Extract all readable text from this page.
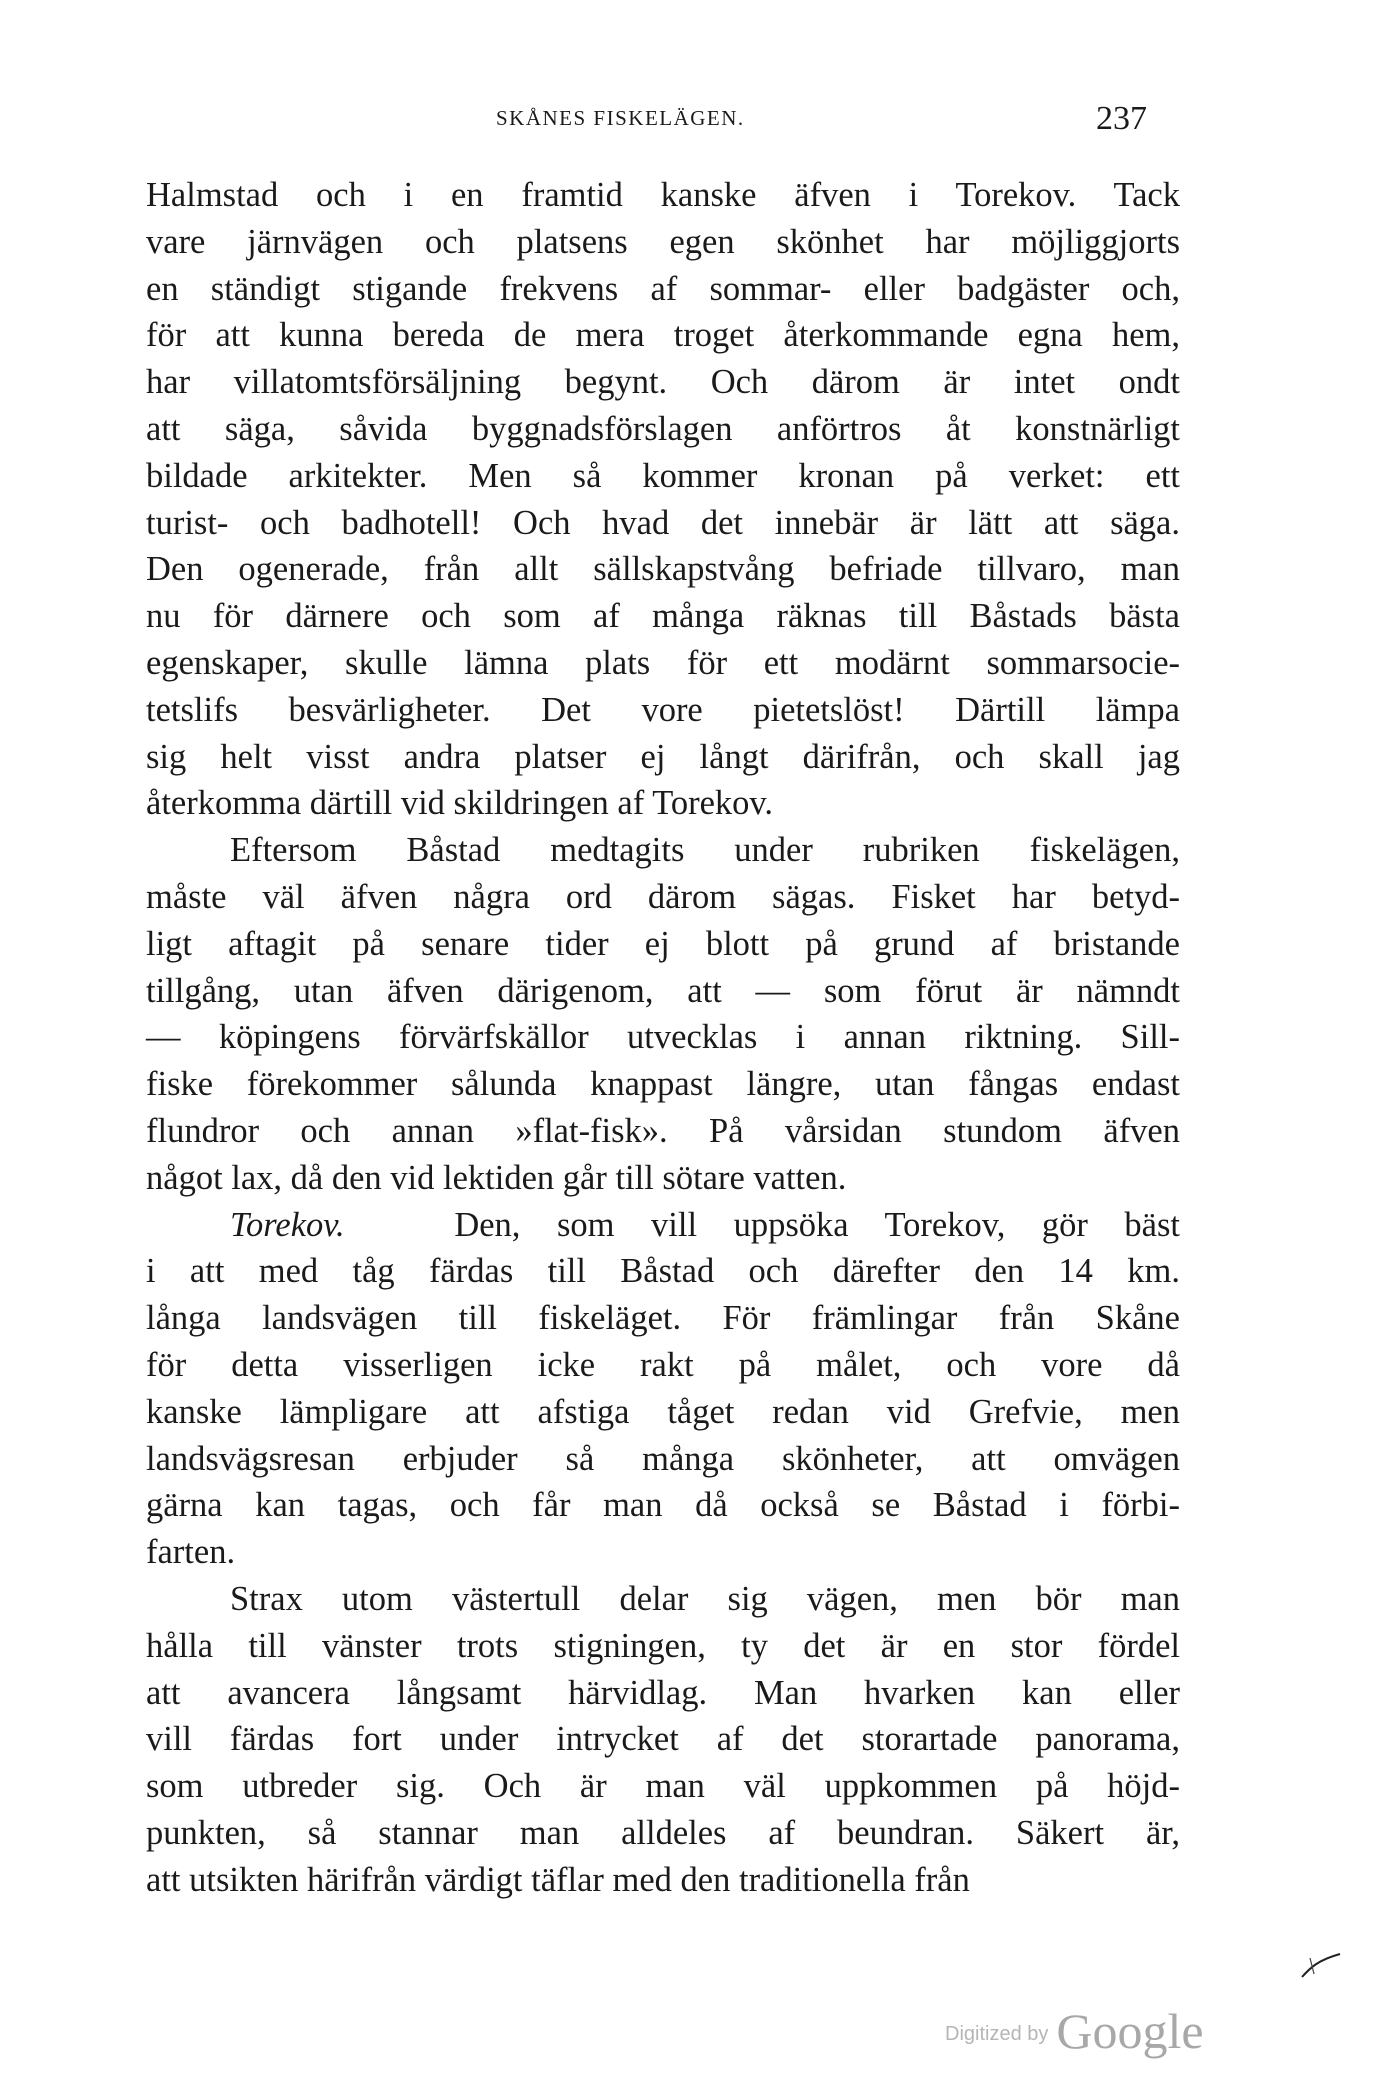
SKÅNES FISKELÄGEN.	237
Halmstad och i en framtid kanske äfven i Torekov. Tack
vare järnvägen och platsens egen skönhet har möjliggjorts
en ständigt stigande frekvens af sommar- eller badgäster och,
för att kunna bereda de mera troget återkommande egna hem,
har villatomtsförsäljning begynt. Och därom är intet ondt
att säga, såvida byggnadsförslagen anförtros åt konstnärligt
bildade arkitekter. Men så kommer kronan på verket: ett
turist- och badhotell! Och hvad det innebär är lätt att säga.
Den ogenerade, från allt sällskapstvång befriade tillvaro, man
nu för därnere och som af många räknas till Båstads bästa
egenskaper, skulle lämna plats för ett modärnt sommarsocie-
tetslifs besvärligheter. Det vore pietetslöst! Därtill lämpa
sig helt visst andra platser ej långt därifrån, och skall jag
återkomma därtill vid skildringen af Torekov.
Eftersom Båstad medtagits under rubriken fiskelägen,
måste väl äfven några ord därom sägas. Fisket har betyd-
ligt aftagit på senare tider ej blott på grund af bristande
tillgång, utan äfven därigenom, att — som förut är nämndt
— köpingens förvärfskällor utvecklas i annan riktning. Sill-
fiske förekommer sålunda knappast längre, utan fångas endast
flundror och annan »flat-fisk». På vårsidan stundom äfven
något lax, då den vid lektiden går till sötare vatten.
Torekov.	Den, som vill uppsöka Torekov, gör bäst
i att med tåg färdas till Båstad och därefter den 14 km.
långa landsvägen till fiskeläget. För främlingar från Skåne
för detta visserligen icke rakt på målet, och vore då
kanske lämpligare att afstiga tåget redan vid Grefvie, men
landsvägsresan erbjuder så många skönheter, att omvägen
gärna kan tagas, och får man då också se Båstad i förbi-
farten.
Strax utom västertull delar sig vägen, men bör man
hålla till vänster trots stigningen, ty det är en stor fördel
att avancera långsamt härvidlag. Man hvarken kan eller
vill färdas fort under intrycket af det storartade panorama,
som utbreder sig. Och är man väl uppkommen på höjd-
punkten, så stannar man alldeles af beundran. Säkert är,
att utsikten härifrån värdigt täflar med den traditionella från
Digitized by Google
